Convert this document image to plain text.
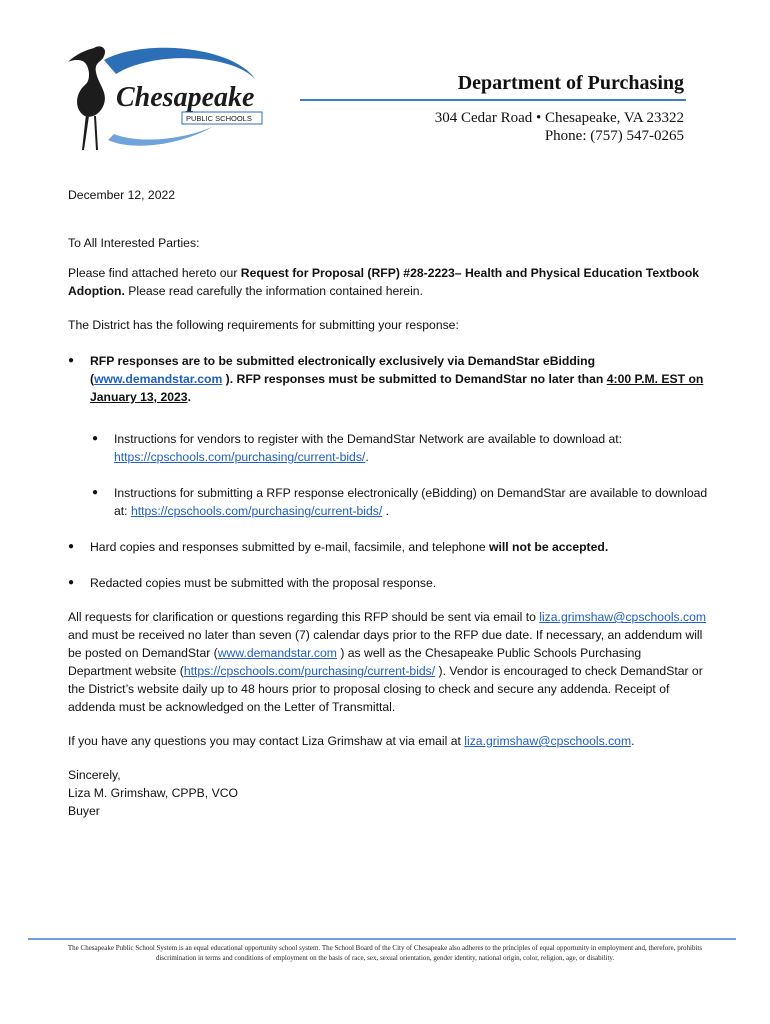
Chesapeake
PUBLIC SCHOOLS
Department of Purchasing
304 Cedar Road • Chesapeake, VA 23322
Phone: (757) 547-0265

December 12, 2022

To All Interested Parties:

Please find attached hereto our Request for Proposal (RFP) #28-2223– Health and Physical Education Textbook Adoption. Please read carefully the information contained herein.

The District has the following requirements for submitting your response:

● RFP responses are to be submitted electronically exclusively via DemandStar eBidding (www.demandstar.com ). RFP responses must be submitted to DemandStar no later than 4:00 P.M. EST on January 13, 2023.
● Instructions for vendors to register with the DemandStar Network are available to download at: https://cpschools.com/purchasing/current-bids/.
● Instructions for submitting a RFP response electronically (eBidding) on DemandStar are available to download at: https://cpschools.com/purchasing/current-bids/ .
● Hard copies and responses submitted by e-mail, facsimile, and telephone will not be accepted.
● Redacted copies must be submitted with the proposal response.

All requests for clarification or questions regarding this RFP should be sent via email to liza.grimshaw@cpschools.com and must be received no later than seven (7) calendar days prior to the RFP due date. If necessary, an addendum will be posted on DemandStar (www.demandstar.com ) as well as the Chesapeake Public Schools Purchasing Department website (https://cpschools.com/purchasing/current-bids/ ). Vendor is encouraged to check DemandStar or the District’s website daily up to 48 hours prior to proposal closing to check and secure any addenda. Receipt of addenda must be acknowledged on the Letter of Transmittal.

If you have any questions you may contact Liza Grimshaw at via email at liza.grimshaw@cpschools.com.

Sincerely,
Liza M. Grimshaw, CPPB, VCO
Buyer
The Chesapeake Public School System is an equal educational opportunity school system. The School Board of the City of Chesapeake also adheres to the principles of equal opportunity in employment and, therefore, prohibits discrimination in terms and conditions of employment on the basis of race, sex, sexual orientation, gender identity, national origin, color, religion, age, or disability.
